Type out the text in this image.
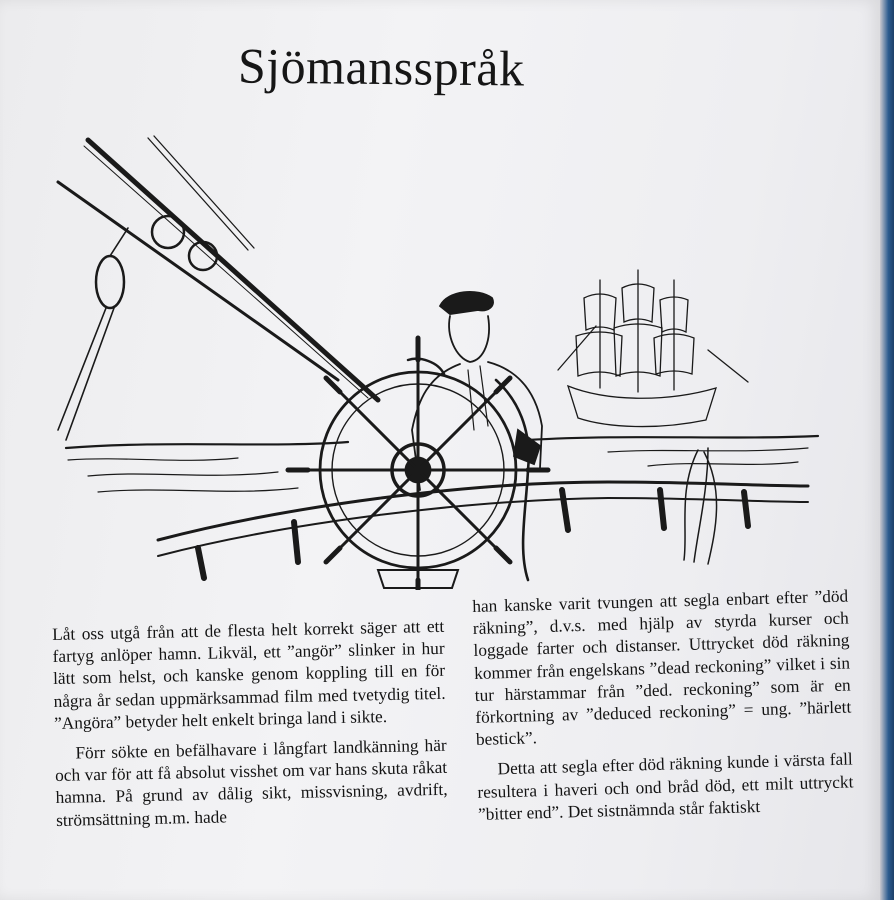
Sjömansspråk

Låt oss utgå från att de flesta helt korrekt säger att ett fartyg anlöper hamn. Likväl, ett ”angör” slinker in hur lätt som helst, och kanske genom koppling till en för några år sedan uppmärksammad film med tvetydig titel. ”Angöra” betyder helt enkelt bringa land i sikte.

Förr sökte en befälhavare i långfart landkänning här och var för att få absolut visshet om var hans skuta råkat hamna. På grund av dålig sikt, missvisning, avdrift, strömsättning m.m. hade

han kanske varit tvungen att segla enbart efter ”död räkning”, d.v.s. med hjälp av styrda kurser och loggade farter och distanser. Uttrycket död räkning kommer från engelskans ”dead reckoning” vilket i sin tur härstammar från ”ded. reckoning” som är en förkortning av ”deduced reckoning” = ung. ”härlett bestick”.

Detta att segla efter död räkning kunde i värsta fall resultera i haveri och ond bråd död, ett milt uttryckt ”bitter end”. Det sistnämnda står faktiskt
